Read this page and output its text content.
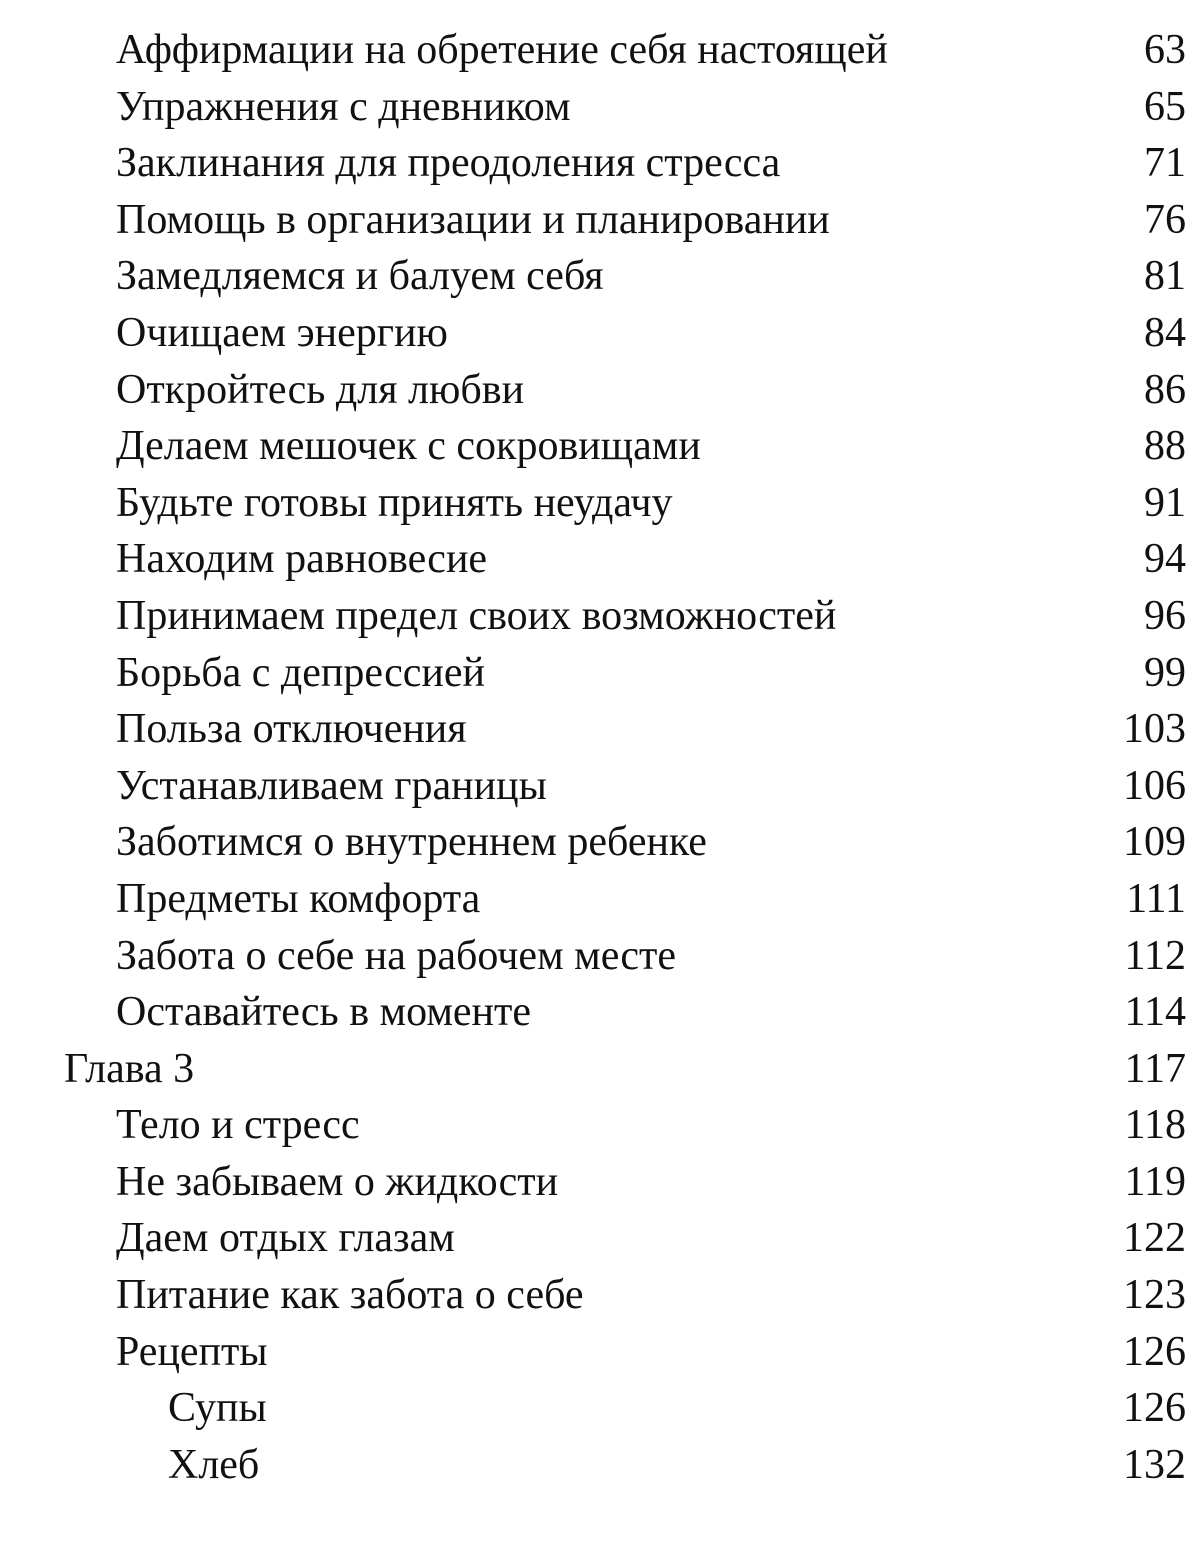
Аффирмации на обретение себя настоящей	63
Упражнения с дневником	65
Заклинания для преодоления стресса	71
Помощь в организации и планировании	76
Замедляемся и балуем себя	81
Очищаем энергию	84
Откройтесь для любви	86
Делаем мешочек с сокровищами	88
Будьте готовы принять неудачу	91
Находим равновесие	94
Принимаем предел своих возможностей	96
Борьба с депрессией	99
Польза отключения	103
Устанавливаем границы	106
Заботимся о внутреннем ребенке	109
Предметы комфорта	111
Забота о себе на рабочем месте	112
Оставайтесь в моменте	114
Глава 3	117
Тело и стресс	118
Не забываем о жидкости	119
Даем отдых глазам	122
Питание как забота о себе	123
Рецепты	126
Супы	126
Хлеб	132
